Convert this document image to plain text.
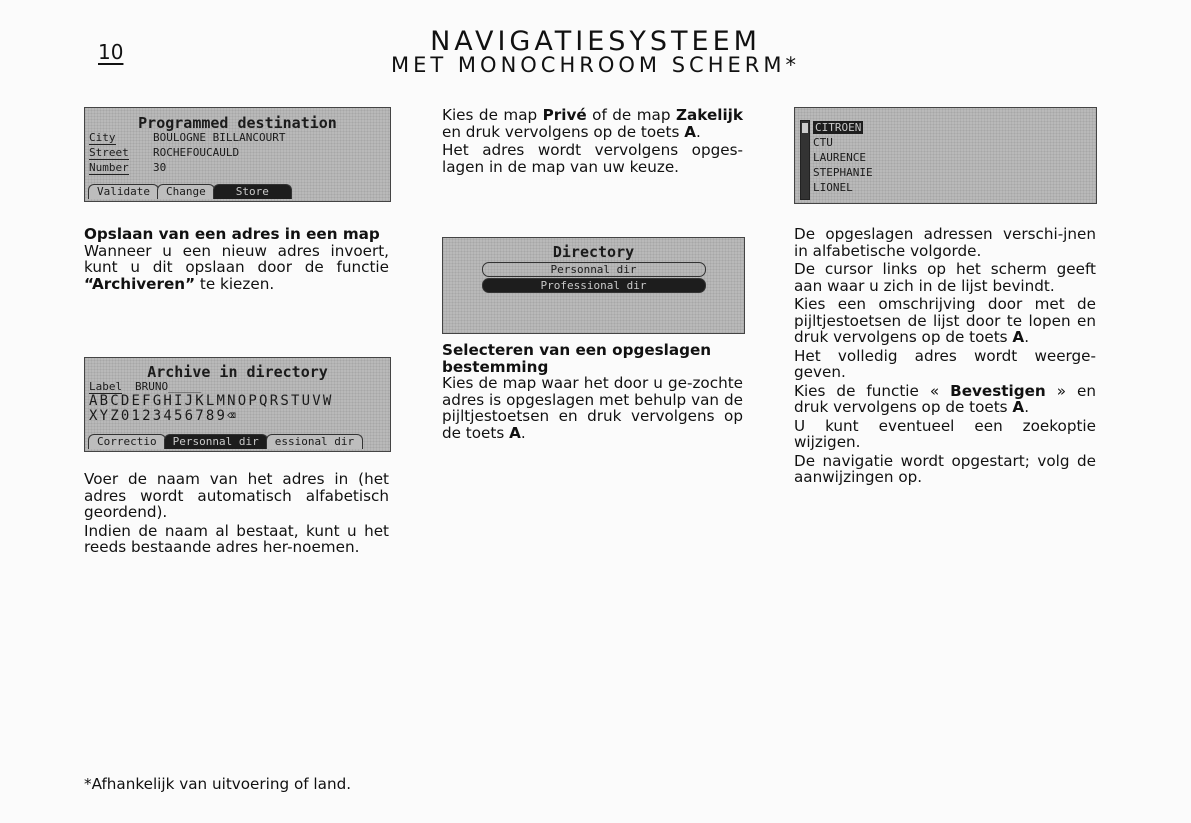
10	NAVIGATIESYSTEEM
MET MONOCHROOM SCHERM*
Programmed destination
City	BOULOGNE BILLANCOURT
Street ROCHEFOUCAULD
Number 30
Validate	Change	Store
Opslaan van een adres in een map

Wanneer u een nieuw adres invoert, kunt u dit opslaan door de functie “Archiveren” te kiezen.

Archive in directory
Label BRUNO_____
ABCDEFGHIJKLMNOPQRSTUVW
XYZ0123456789⌫
Correctio	Personnal dir	essional dir

Voer de naam van het adres in (het adres wordt automatisch alfabetisch geordend).

Indien de naam al bestaat, kunt u het reeds bestaande adres her-noemen.

Kies de map Privé of de map Zakelijk en druk vervolgens op de toets A.

Het adres wordt vervolgens opges-lagen in de map van uw keuze.

Directory
Personnal dir
Professional dir
Selecteren van een opgeslagen bestemming

Kies de map waar het door u ge-zochte adres is opgeslagen met behulp van de pijltjestoetsen en druk vervolgens op de toets A.

CITROEN
CTU
LAURENCE
STEPHANIE
LIONEL

De opgeslagen adressen verschi-jnen in alfabetische volgorde.

De cursor links op het scherm geeft aan waar u zich in de lijst bevindt.

Kies een omschrijving door met de pijltjestoetsen de lijst door te lopen en druk vervolgens op de toets A.

Het volledig adres wordt weerge-geven.

Kies de functie « Bevestigen » en druk vervolgens op de toets A.

U kunt eventueel een zoekoptie wijzigen.

De navigatie wordt opgestart; volg de aanwijzingen op.

*Afhankelijk van uitvoering of land.
